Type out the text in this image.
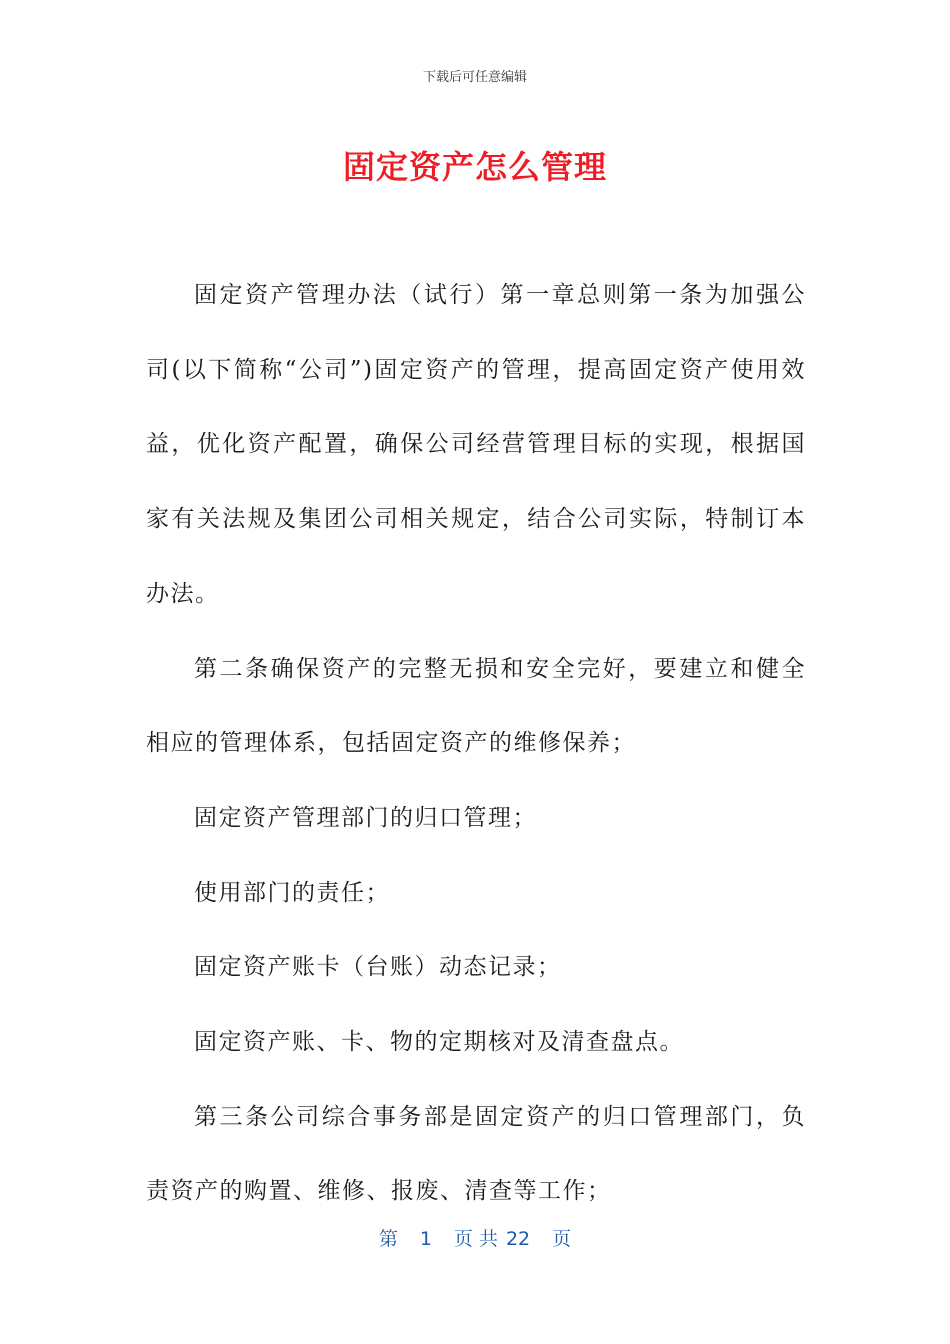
下载后可任意编辑
固定资产怎么管理

固定资产管理办法（试行）第一章总则第一条为加强公司(以下简称“公司”)固定资产的管理，提高固定资产使用效益，优化资产配置，确保公司经营管理目标的实现，根据国家有关法规及集团公司相关规定，结合公司实际，特制订本办法。

第二条确保资产的完整无损和安全完好，要建立和健全相应的管理体系，包括固定资产的维修保养；

固定资产管理部门的归口管理；

使用部门的责任；

固定资产账卡（台账）动态记录；

固定资产账、卡、物的定期核对及清查盘点。

第三条公司综合事务部是固定资产的归口管理部门，负责资产的购置、维修、报废、清查等工作；

第 1 页 共 22 页
